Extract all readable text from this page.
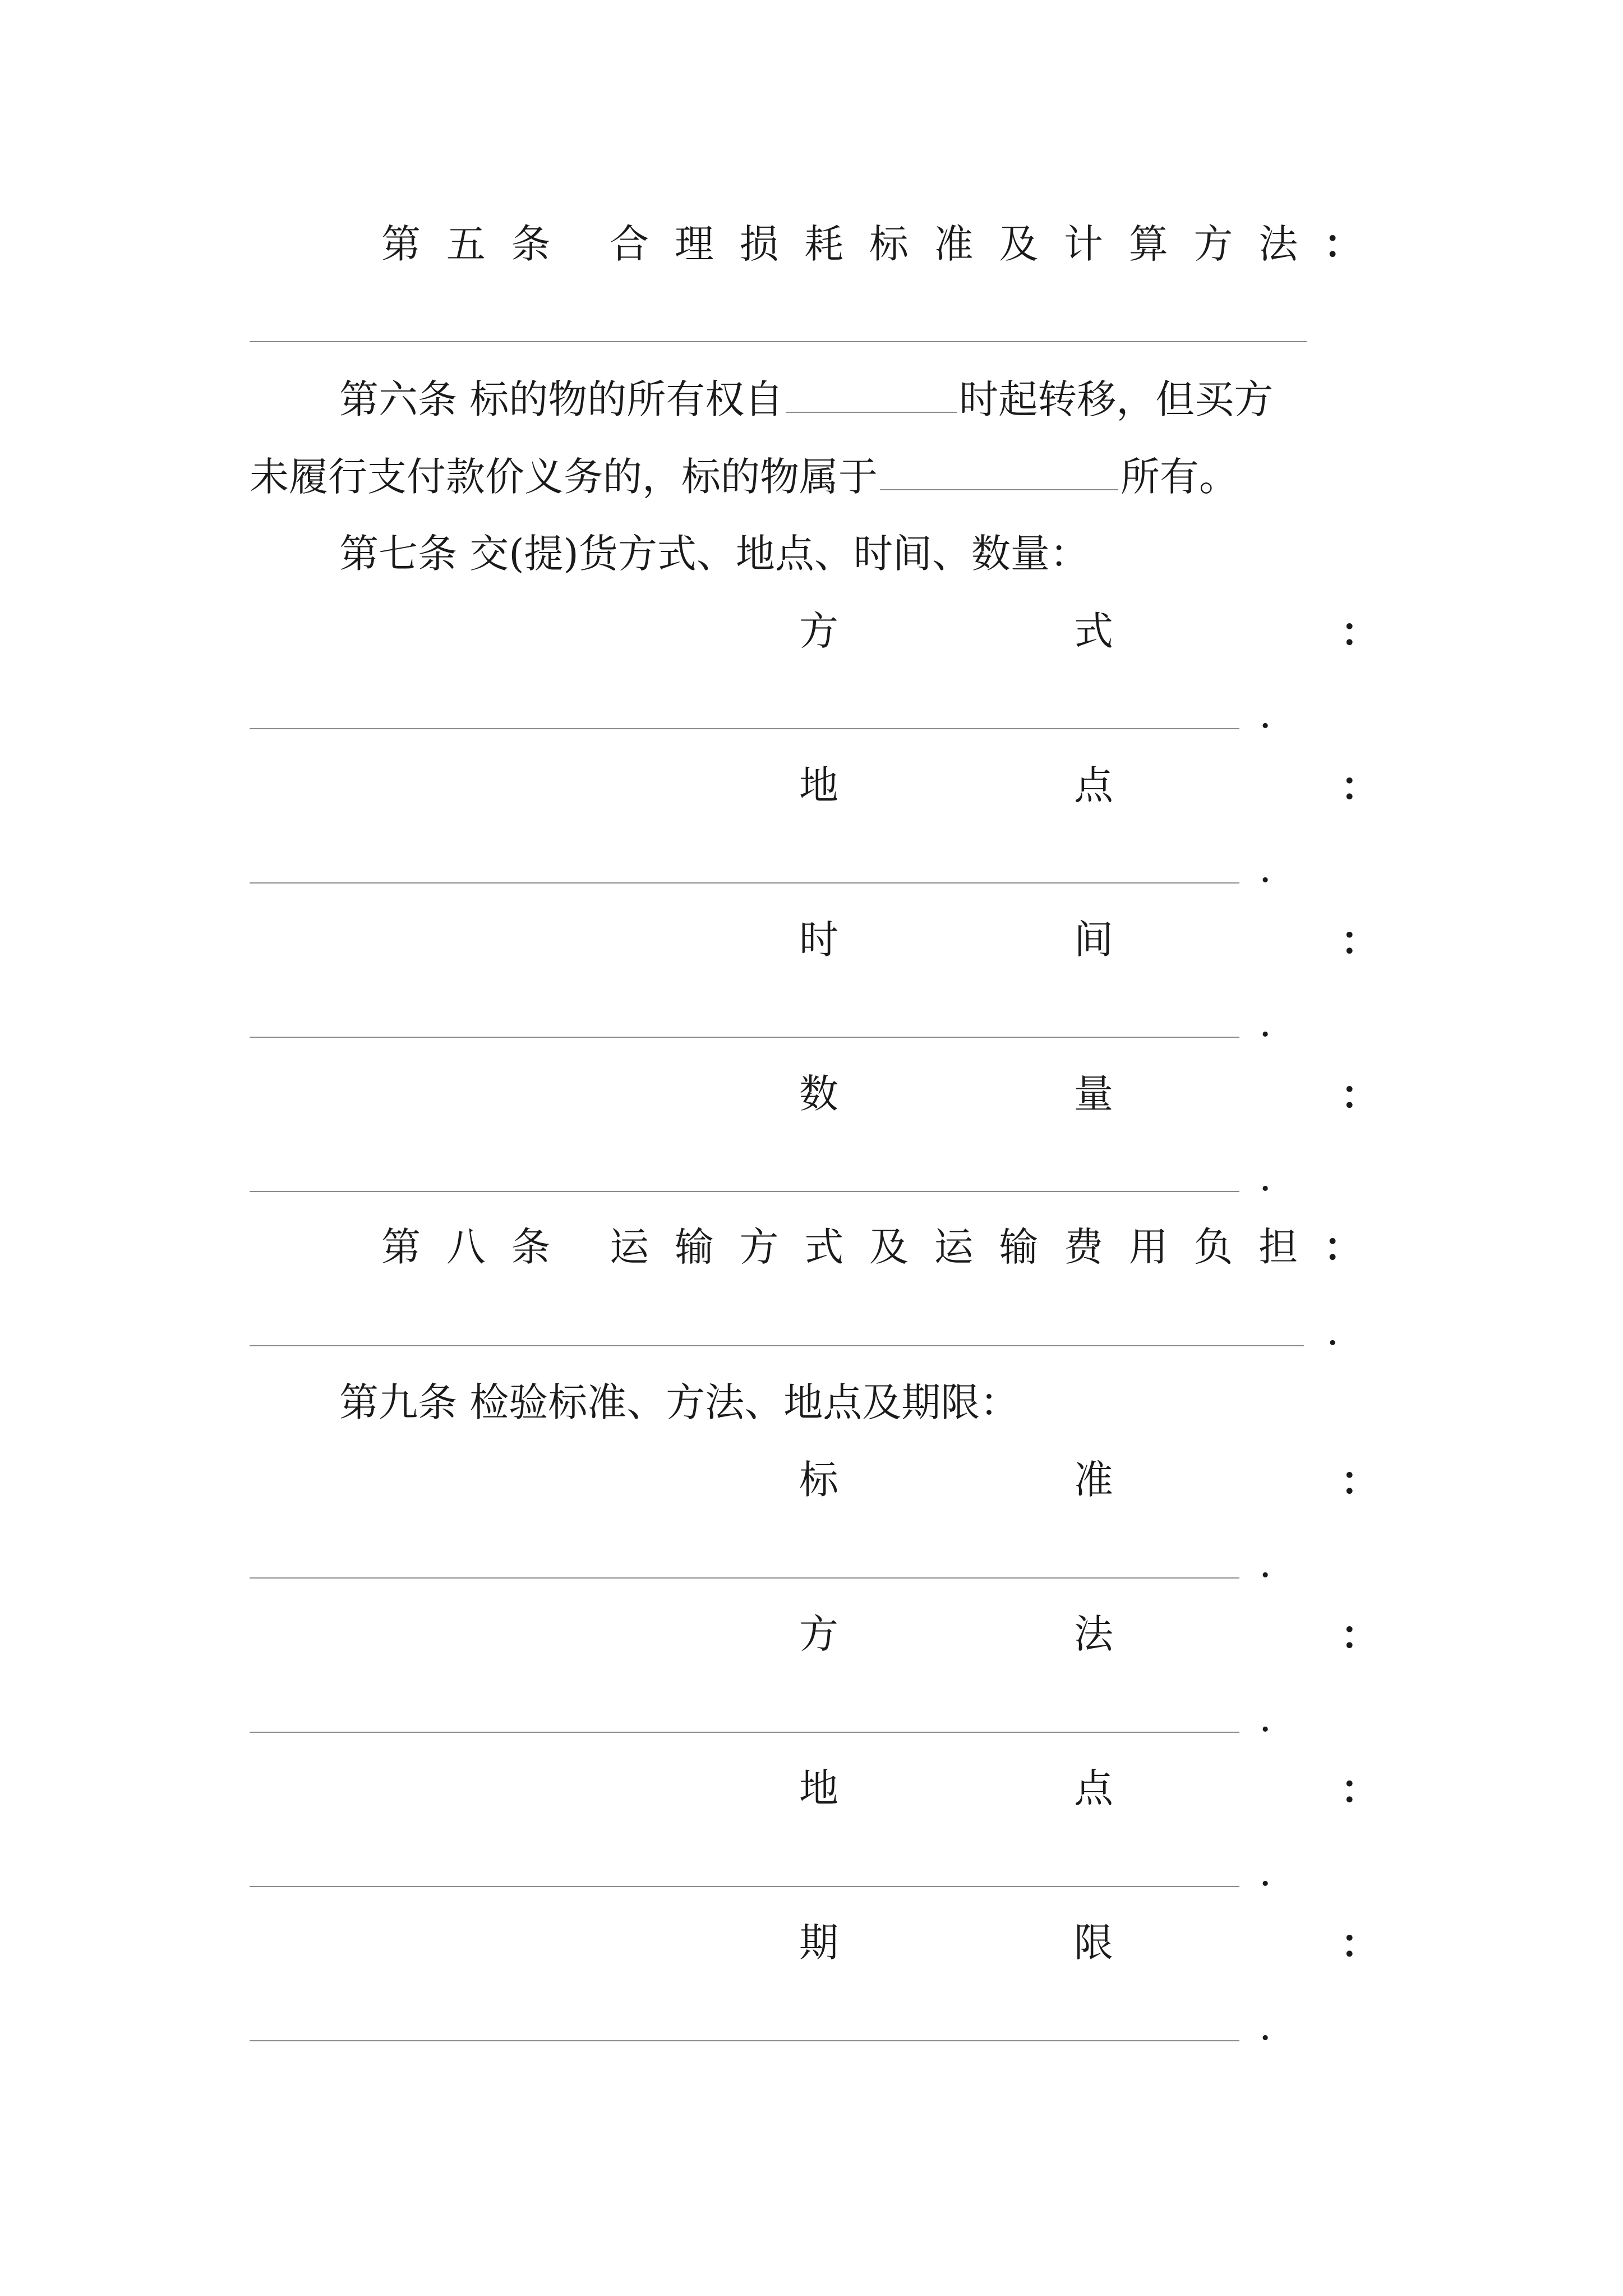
第 五 条 合 理 损 耗 标 准 及 计 算 方 法 ：
第六条 标的物的所有权自	时起转移，但买方
未履行支付款价义务的，标的物属于	所有。
第七条 交(提)货方式、地点、时间、数量：
方	式	：
.
地	点	：
.
时	间	：
.
数	量	：
.
第 八 条 运 输 方 式 及 运 输 费 用 负 担 ：
.
第九条 检验标准、方法、地点及期限：
标	准	：
.
方	法	：
.
地	点	：
.
期	限	：
.
